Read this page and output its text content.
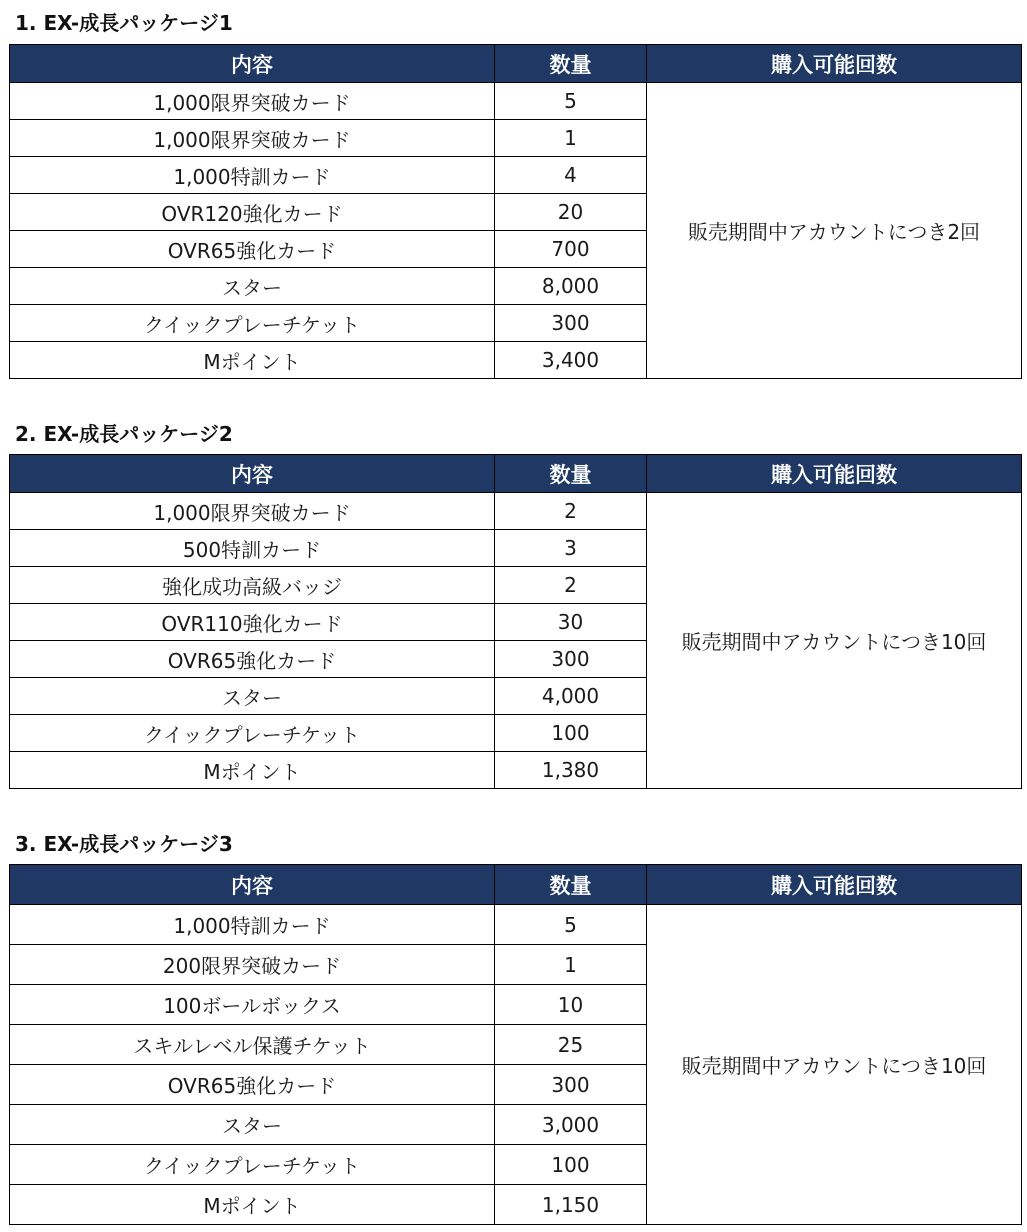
1. EX-成長パッケージ1
内容	数量	購入可能回数
1,000限界突破カード	5	販売期間中アカウントにつき2回
1,000限界突破カード	1	
1,000特訓カード	4	
OVR120強化カード	20	
OVR65強化カード	700	
スター	8,000	
クイックプレーチケット	300	
Mポイント	3,400	
2. EX-成長パッケージ2
内容	数量	購入可能回数
1,000限界突破カード	2	販売期間中アカウントにつき10回
500特訓カード	3	
強化成功高級バッジ	2	
OVR110強化カード	30	
OVR65強化カード	300	
スター	4,000	
クイックプレーチケット	100	
Mポイント	1,380	
3. EX-成長パッケージ3
内容	数量	購入可能回数
1,000特訓カード	5	販売期間中アカウントにつき10回
200限界突破カード	1	
100ボールボックス	10	
スキルレベル保護チケット	25	
OVR65強化カード	300	
スター	3,000	
クイックプレーチケット	100	
Mポイント	1,150	
